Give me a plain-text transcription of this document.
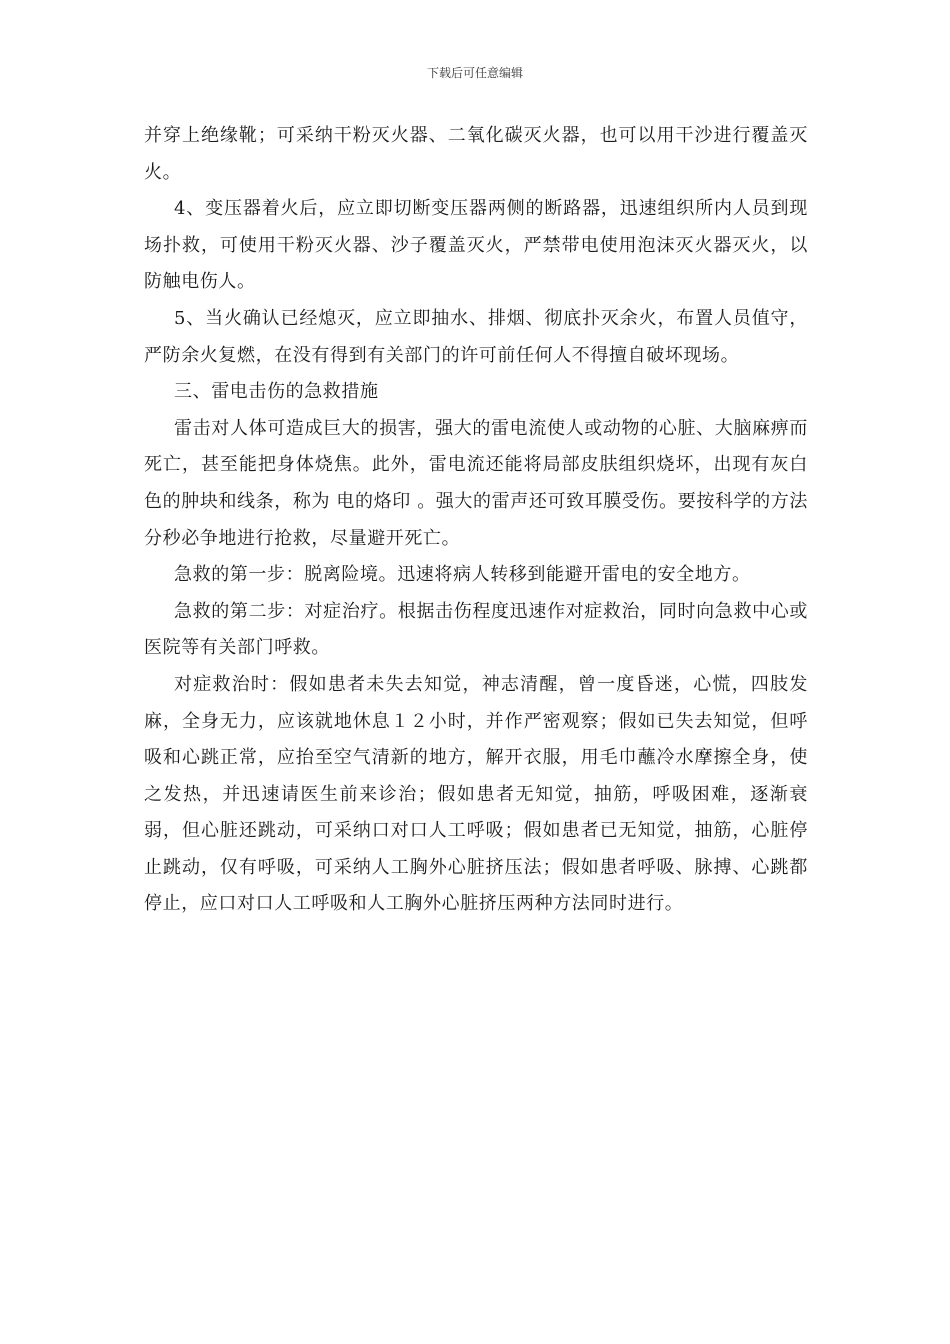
下载后可任意编辑

并穿上绝缘靴；可采纳干粉灭火器、二氧化碳灭火器，也可以用干沙进行覆盖灭火。

4、变压器着火后，应立即切断变压器两侧的断路器，迅速组织所内人员到现场扑救，可使用干粉灭火器、沙子覆盖灭火，严禁带电使用泡沫灭火器灭火，以防触电伤人。

5、当火确认已经熄灭，应立即抽水、排烟、彻底扑灭余火，布置人员值守，严防余火复燃，在没有得到有关部门的许可前任何人不得擅自破坏现场。

三、雷电击伤的急救措施

雷击对人体可造成巨大的损害，强大的雷电流使人或动物的心脏、大脑麻痹而死亡，甚至能把身体烧焦。此外，雷电流还能将局部皮肤组织烧坏，出现有灰白色的肿块和线条，称为 电的烙印 。强大的雷声还可致耳膜受伤。要按科学的方法分秒必争地进行抢救，尽量避开死亡。

急救的第一步：脱离险境。迅速将病人转移到能避开雷电的安全地方。

急救的第二步：对症治疗。根据击伤程度迅速作对症救治，同时向急救中心或医院等有关部门呼救。

对症救治时：假如患者未失去知觉，神志清醒，曾一度昏迷，心慌，四肢发麻，全身无力，应该就地休息１２小时，并作严密观察；假如已失去知觉，但呼吸和心跳正常，应抬至空气清新的地方，解开衣服，用毛巾蘸冷水摩擦全身，使之发热，并迅速请医生前来诊治；假如患者无知觉，抽筋，呼吸困难，逐渐衰弱，但心脏还跳动，可采纳口对口人工呼吸；假如患者已无知觉，抽筋，心脏停止跳动，仅有呼吸，可采纳人工胸外心脏挤压法；假如患者呼吸、脉搏、心跳都停止，应口对口人工呼吸和人工胸外心脏挤压两种方法同时进行。
